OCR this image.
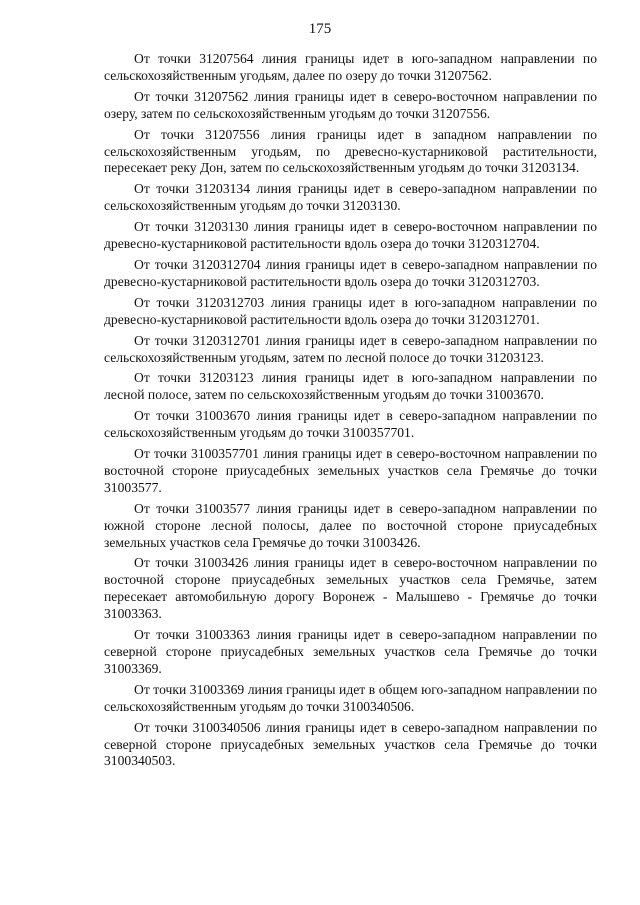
175

От точки 31207564 линия границы идет в юго-западном направлении по сельскохозяйственным угодьям, далее по озеру до точки 31207562.

От точки 31207562 линия границы идет в северо-восточном направлении по озеру, затем по сельскохозяйственным угодьям до точки 31207556.

От точки 31207556 линия границы идет в западном направлении по сельскохозяйственным угодьям, по древесно-кустарниковой растительности, пересекает реку Дон, затем по сельскохозяйственным угодьям до точки 31203134.

От точки 31203134 линия границы идет в северо-западном направлении по сельскохозяйственным угодьям до точки 31203130.

От точки 31203130 линия границы идет в северо-восточном направлении по древесно-кустарниковой растительности вдоль озера до точки 3120312704.

От точки 3120312704 линия границы идет в северо-западном направлении по древесно-кустарниковой растительности вдоль озера до точки 3120312703.

От точки 3120312703 линия границы идет в юго-западном направлении по древесно-кустарниковой растительности вдоль озера до точки 3120312701.

От точки 3120312701 линия границы идет в северо-западном направлении по сельскохозяйственным угодьям, затем по лесной полосе до точки 31203123.

От точки 31203123 линия границы идет в юго-западном направлении по лесной полосе, затем по сельскохозяйственным угодьям до точки 31003670.

От точки 31003670 линия границы идет в северо-западном направлении по сельскохозяйственным угодьям до точки 3100357701.

От точки 3100357701 линия границы идет в северо-восточном направлении по восточной стороне приусадебных земельных участков села Гремячье до точки 31003577.

От точки 31003577 линия границы идет в северо-западном направлении по южной стороне лесной полосы, далее по восточной стороне приусадебных земельных участков села Гремячье до точки 31003426.

От точки 31003426 линия границы идет в северо-восточном направлении по восточной стороне приусадебных земельных участков села Гремячье, затем пересекает автомобильную дорогу Воронеж - Малышево - Гремячье до точки 31003363.

От точки 31003363 линия границы идет в северо-западном направлении по северной стороне приусадебных земельных участков села Гремячье до точки 31003369.

От точки 31003369 линия границы идет в общем юго-западном направлении по сельскохозяйственным угодьям до точки 3100340506.

От точки 3100340506 линия границы идет в северо-западном направлении по северной стороне приусадебных земельных участков села Гремячье до точки 3100340503.
